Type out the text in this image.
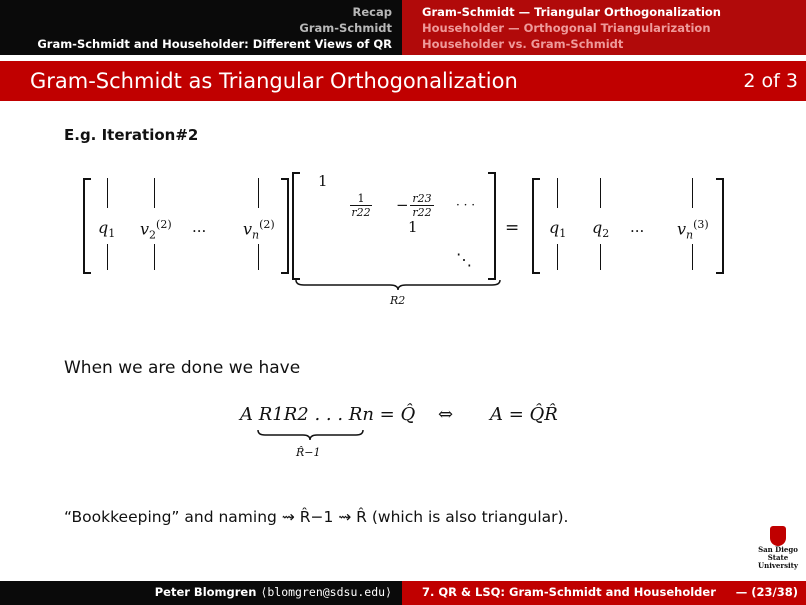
Recap
Gram-Schmidt
Gram-Schmidt and Householder: Different Views of QR
Gram-Schmidt — Triangular Orthogonalization
Householder — Orthogonal Triangularization
Householder vs. Gram-Schmidt
Gram-Schmidt as Triangular Orthogonalization	2 of 3
E.g. Iteration#2
$q_1$ $v_2^{(2)}$ ... $v_n^{(2)}$
1
1
r22 − r23
r22
· · ·
1
⋱
R2
= $q_1$ $q_2$ ... $v_n^{(3)}$
When we are done we have
A R1R2 . . . Rn = Q̂ ⇔ A = Q̂R̂
R̂−1
“Bookkeeping” and naming ⇝ R̂−1 ⇝ R̂ (which is also triangular).
San Diego State
University
Peter Blomgren ⟨blomgren@sdsu.edu⟩	7. QR & LSQ: Gram-Schmidt and Householder — (23/38)
